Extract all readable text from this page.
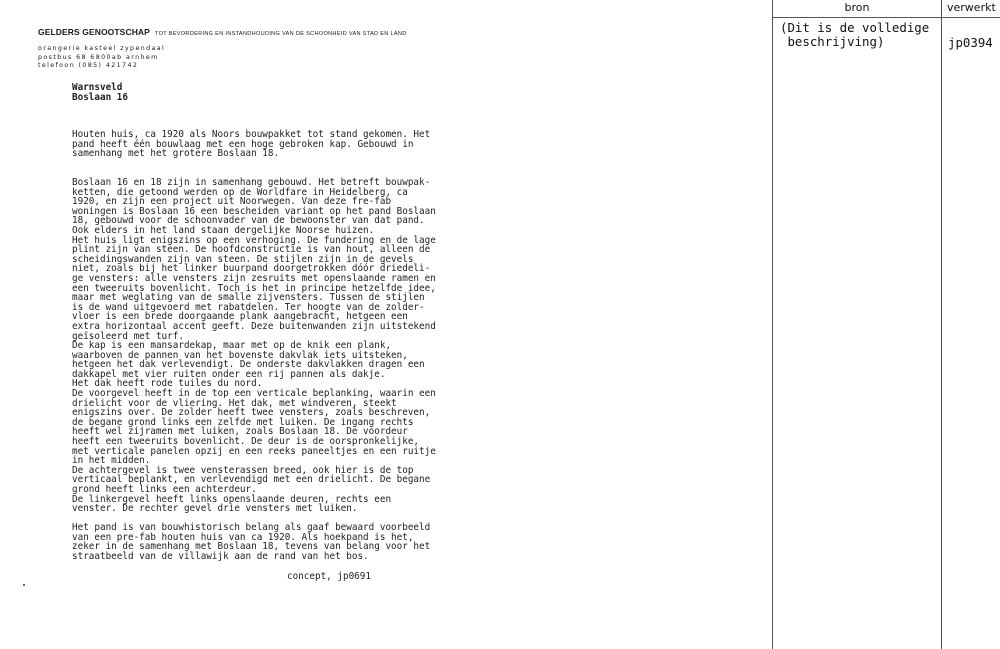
GELDERS GENOOTSCHAP TOT BEVORDERING EN INSTANDHOUDING VAN DE SCHOONHEID VAN STAD EN LAND
orangerie kasteel zypendaal
postbus 68 6800ab arnhem
telefoon (085) 421742
Warnsveld
Boslaan 16
Houten huis, ca 1920 als Noors bouwpakket tot stand gekomen. Het
pand heeft één bouwlaag met een hoge gebroken kap. Gebouwd in
samenhang met het grotere Boslaan 18.
Boslaan 16 en 18 zijn in samenhang gebouwd. Het betreft bouwpak-
ketten, die getoond werden op de Worldfare in Heidelberg, ca
1920, en zijn een project uit Noorwegen. Van deze fre-fab
woningen is Boslaan 16 een bescheiden variant op het pand Boslaan
18, gebouwd voor de schoonvader van de bewoonster van dat pand.
Ook elders in het land staan dergelijke Noorse huizen.
Het huis ligt enigszins op een verhoging. De fundering en de lage
plint zijn van steen. De hoofdconstructie is van hout, alleen de
scheidingswanden zijn van steen. De stijlen zijn in de gevels
niet, zoals bij het linker buurpand doorgetrokken dóór driedeli-
ge vensters: alle vensters zijn zesruits met openslaande ramen en
een tweeruits bovenlicht. Toch is het in principe hetzelfde idee,
maar met weglating van de smalle zijvensters. Tussen de stijlen
is de wand uitgevoerd met rabatdelen. Ter hoogte van de zolder-
vloer is een brede doorgaande plank aangebracht, hetgeen een
extra horizontaal accent geeft. Deze buitenwanden zijn uitstekend
geïsoleerd met turf.
De kap is een mansardekap, maar met op de knik een plank,
waarboven de pannen van het bovenste dakvlak iets uitsteken,
hetgeen het dak verlevendigt. De onderste dakvlakken dragen een
dakkapel met vier ruiten onder een rij pannen als dakje.
Het dak heeft rode tuiles du nord.
De voorgevel heeft in de top een verticale beplanking, waarin een
drielicht voor de vliering. Het dak, met windveren, steekt
enigszins over. De zolder heeft twee vensters, zoals beschreven,
de begane grond links een zelfde met luiken. De ingang rechts
heeft wel zijramen met luiken, zoals Boslaan 18. De voordeur
heeft een tweeruits bovenlicht. De deur is de oorspronkelijke,
met verticale panelen opzij en een reeks paneeltjes en een ruitje
in het midden.
De achtergevel is twee vensterassen breed, ook hier is de top
verticaal beplankt, en verlevendigd met een drielicht. De begane
grond heeft links een achterdeur.
De linkergevel heeft links openslaande deuren, rechts een
venster. De rechter gevel drie vensters met luiken.
Het pand is van bouwhistorisch belang als gaaf bewaard voorbeeld
van een pre-fab houten huis van ca 1920. Als hoekpand is het,
zeker in de samenhang met Boslaan 18, tevens van belang voor het
straatbeeld van de villawijk aan de rand van het bos.
concept, jp0691
bron	verwerkt
(Dit is de volledige
beschrijving)	jp0394
